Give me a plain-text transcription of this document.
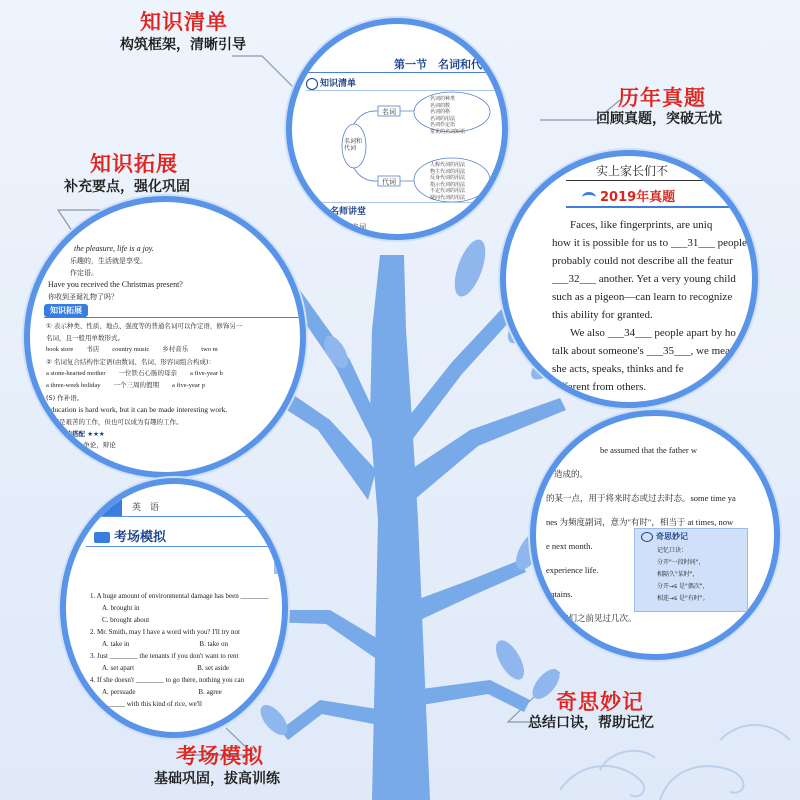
知识清单
构筑框架，清晰引导
知识拓展
补充要点，强化巩固
历年真题
回顾真题，突破无忧
考场模拟
基础巩固，拔高训练
奇思妙记
总结口诀，帮助记忆
第一节　名词和代
知识清单
名词和代词
名词
代词
名词的种类
名词的数
名词的格
名词的用法
名词作定语
常见的名词短语
人称代词的用法
物主代词的用法
反身代词的用法
指示代词的用法
不定代词的用法
疑问代词的用法
名师讲堂
名词
the pleasure, life is a joy.
乐趣的，生活就是享受。
作定语。
Have you received the Christmas present?
你收到圣诞礼物了吗？
知识拓展
① 表示种类、性质、地点、强度等的普通名词可以作定语，修饰另一
名词，且一般用单数形式。
book store　　书店　　country music　　乡村音乐　　two m
② 名词复合结构作定语(由数词、名词、形容词组合构成)：
a stone-hearted mother　　一位铁石心肠的母亲　　a five-year b
a three-week holiday　　一个三周的假期　　a five-year p
(5) 作补语。
Education is hard work, but it can be made interesting work.
教育是艰苦的工作，但也可以成为有趣的工作。
与介词的搭配 ★★★
hent　　　　争论，辩论
实上家长们不
2019年真题
Faces, like fingerprints, are uniq
how it is possible for us to ___31___ people
probably could not describe all the featur
___32___ another. Yet a very young child
such as a pigeon—can learn to recognize
this ability for granted.
We also ___34___ people apart by ho
talk about someone's ___35___, we mean
she acts, speaks, thinks and fe
different from others.
英　语
考场模拟
1. A huge amount of environmental damage has been ________
A. brought in
C. brought about
2. Mr. Smith, may I have a word with you? I'll try not
A. take in　　　　　　　　　　B. take on
3. Just ________ the tenants if you don't want to rent
A. set apart　　　　　　　　　B. set aside
4. If she doesn't ________ to go there, nothing you can
A. persuade　　　　　　　　　B. agree
5. ________ with this kind of rice, we'll
be assumed that the father w
造成的。
的某一点，用于将来时态或过去时态。some time ya
nes 为频度副词，意为"有时"，相当于 at times, now
e next month.
experience life.
untains.
你们之前见过几次。
奇思妙记
记忆口诀：
分开"一段时间"，
相隔久"某时"，
分开→s 是"偶次"，
相连→s 是"有时"。
